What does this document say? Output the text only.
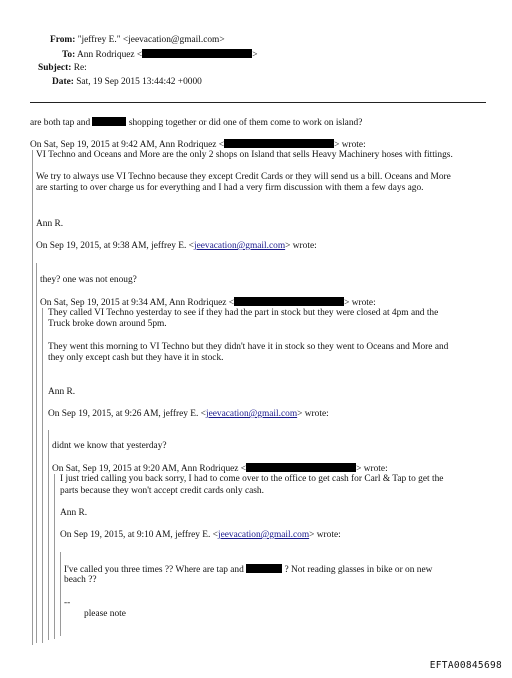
From: "jeffrey E." <jeevacation@gmail.com>
To: Ann Rodriquez <	>
Subject: Re:
Date: Sat, 19 Sep 2015 13:44:42 +0000
are both tap and	shopping together or did one of them come to work on island?
On Sat, Sep 19, 2015 at 9:42 AM, Ann Rodriquez <	> wrote:
VI Techno and Oceans and More are the only 2 shops on Island that sells Heavy Machinery hoses with fittings.
We try to always use VI Techno because they except Credit Cards or they will send us a bill. Oceans and More
are starting to over charge us for everything and I had a very firm discussion with them a few days ago.
Ann R.
On Sep 19, 2015, at 9:38 AM, jeffrey E. <jeevacation@gmail.com> wrote:
they? one was not enoug?
On Sat, Sep 19, 2015 at 9:34 AM, Ann Rodriquez <	> wrote:
They called VI Techno yesterday to see if they had the part in stock but they were closed at 4pm and the
Truck broke down around 5pm.
They went this morning to VI Techno but they didn't have it in stock so they went to Oceans and More and
they only except cash but they have it in stock.
Ann R.
On Sep 19, 2015, at 9:26 AM, jeffrey E. <jeevacation@gmail.com> wrote:
didnt we know that yesterday?
On Sat, Sep 19, 2015 at 9:20 AM, Ann Rodriquez <	> wrote:
I just tried calling you back sorry, I had to come over to the office to get cash for Carl & Tap to get the
parts because they won't accept credit cards only cash.
Ann R.
On Sep 19, 2015, at 9:10 AM, jeffrey E. <jeevacation@gmail.com> wrote:
I've called you three times ?? Where are tap and	? Not reading glasses in bike or on new
beach ??
--
please note
EFTA00845698
